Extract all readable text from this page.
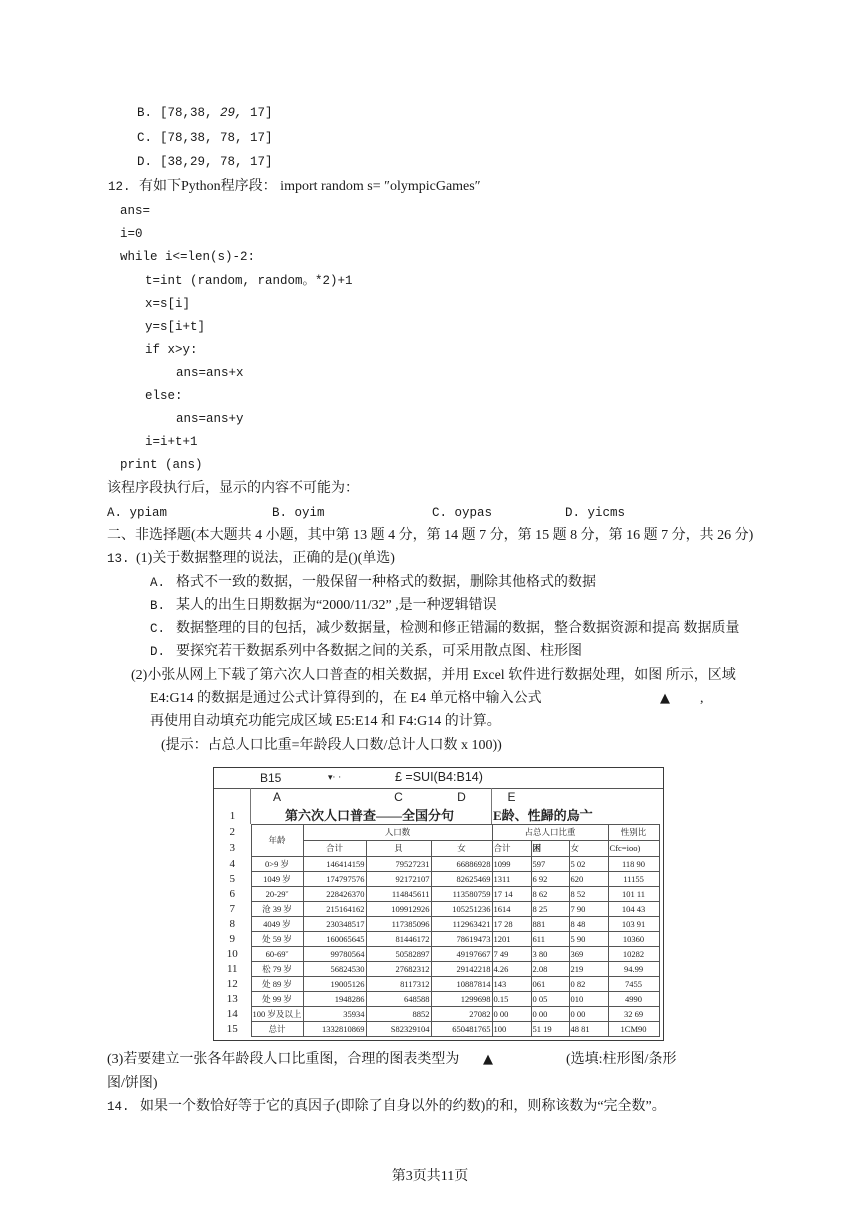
B. [78,38, 29, 17]
C. [78,38, 78, 17]
D. [38,29, 78, 17]
12. 有如下Python程序段： import random s= ″olympicGames″
ans=
i=0
while i<=len(s)-2:
t=int (random, random。*2)+1
x=s[i]
y=s[i+t]
if x>y:
ans=ans+x
else:
ans=ans+y
i=i+t+1
print (ans)
该程序段执行后，显示的内容不可能为：
A. ypiam	B. oyim	C. oypas	D. yicms
二、非选择题(本大题共 4 小题，其中第 13 题 4 分，第 14 题 7 分，第 15 题 8 分，第 16 题 7 分，共 26 分)
13. (1)关于数据整理的说法，正确的是()(单选)
A. 格式不一致的数据，一般保留一种格式的数据，删除其他格式的数据
B. 某人的出生日期数据为“2000/11/32” ,是一种逻辑错误
C. 数据整理的目的包括，减少数据量，检测和修正错漏的数据，整合数据资源和提高 数据质量
D. 要探究若干数据系列中各数据之间的关系，可采用散点图、柱形图
(2)小张从网上下载了第六次人口普查的相关数据，并用 Excel 软件进行数据处理，如图 所示，区域
E4:G14 的数据是通过公式计算得到的，在 E4 单元格中输入公式	▲ ,
再使用自动填充功能完成区域 E5:E14 和 F4:G14 的计算。
(提示：占总人口比重=年龄段人口数/总计人口数 x 100))
B15	▾· ·	£ =SUI(B4:B14)
A	C	D	E
1	第六次人口普查——全国分句	E龄、性歸的烏亠
2	年龄	人口数			占总人口比重			性别比
3		合计	貝	女	合计	困	女	Cfc=ioo)
4	0>9 岁	146414159	79527231	66886928	1099	597	5 02	118 90
5	1049 岁	174797576	92172107	82625469	1311	6 92	620	11155
6	20-29ˇ	228426370	114845611	113580759	17 14	8 62	8 52	101 11
7	沧 39 岁	215164162	109912926	105251236	1614	8 25	7 90	104 43
8	4049 岁	230348517	117385096	112963421	17 28	881	8 48	103 91
9	处 59 岁	160065645	81446172	78619473	1201	611	5 90	10360
10	60-69ˇ	99780564	50582897	49197667	7 49	3 80	369	10282
11	松 79 岁	56824530	27682312	29142218	4.26	2.08	219	94.99
12	处 89 岁	19005126	8117312	10887814	143	061	0 82	7455
13	处 99 岁	1948286	648588	1299698	0.15	0 05	010	4990
14	100 岁及以上	35934	8852	27082	0 00	0 00	0 00	32 69
15	总计	1332810869	S82329104	650481765	100	51 19	48 81	1CM90
(3)若要建立一张各年龄段人口比重图，合理的图表类型为 ▲	(选填:柱形图/条形
图/饼图)
14. 如果一个数恰好等于它的真因子(即除了自身以外的约数)的和，则称该数为“完全数”。
第3页共11页
